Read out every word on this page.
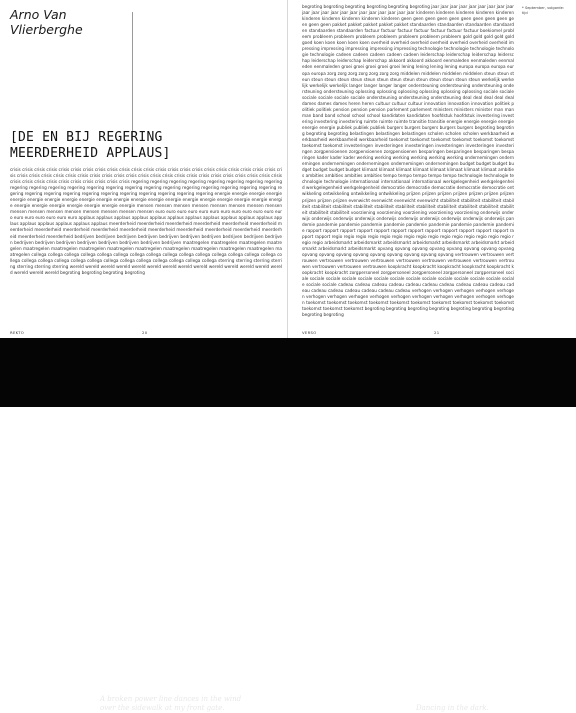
Arno Van
Vlierberghe
[DE EN BIJ REGERING
MEERDERHEID APPLAUS]
crisis crisis crisis crisis crisis crisis crisis crisis crisis crisis crisis crisis crisis crisis crisis crisis crisis crisis crisis crisis crisis crisis crisis crisis crisis crisis crisis crisis crisis crisis crisis crisis crisis crisis crisis crisis crisis crisis crisis crisis crisis crisis crisis crisis crisis crisis crisis crisis crisis crisis crisis crisis crisis crisis crisis regering regering regering regering regering regering regering regering regering regering regering regering regering regering regering regering regering regering regering regering regering regering regering regering regering regering regering regering regering regering regering regering regering energie energie energie energie energie energie energie energie energie energie energie energie energie energie energie energie energie energie energie energie energie energie energie energie energie energie energie mensen mensen mensen mensen mensen mensen mensen mensen mensen mensen mensen mensen mensen mensen mensen mensen euro euro euro euro euro euro euro euro euro euro euro euro euro euro euro euro euro euro applaus applaus applaus applaus applaus applaus applaus applaus applaus applaus applaus applaus applaus applaus applaus applaus applaus meerderheid meerderheid meerderheid meerderheid meerderheid meerderheid meerderheid meerderheid meerderheid meerderheid meerderheid meerderheid meerderheid meerderheid meerderheid meerderheid meerderheid meerderheid bedrijven bedrijven bedrijven bedrijven bedrijven bedrijven bedrijven bedrijven bedrijven bedrijven bedrijven bedrijven bedrijven bedrijven bedrijven bedrijven bedrijven bedrijven maatregelen maatregelen maatregelen maatregelen maatregelen maatregelen maatregelen maatregelen maatregelen maatregelen maatregelen maatregelen maatregelen maatregelen collega collega collega collega collega collega collega collega collega collega collega collega collega collega collega collega collega collega collega collega collega collega collega collega collega collega collega collega sterring sterring sterring sterring sterring sterring sterring wereld wereld wereld wereld wereld wereld wereld wereld wereld wereld wereld wereld wereld wereld wereld wereld wereld begroting begroting begroting begroting
REKTO	20
begroting begroting begroting begroting begroting begroting jaar jaar jaar jaar jaar jaar jaar jaar jaar jaar jaar jaar jaar jaar jaar jaar jaar jaar jaar jaar jaar kinderen kinderen kinderen kinderen kinderen kinderen kinderen kinderen kinderen kinderen geen geen geen geen geen geen geen geen geen geen geen geen pakket pakket pakket pakket pakket standaarden standaarden standaarden standaarden standaarden standaarden factuur factuur factuur factuur factuur factuur factuur boekiomel probleem probleem probleem probleem probleem probleem probleem probleem gold gold gold gold gold goed koen koen koen koen koen overheid overheid overheid overheid overheid overheid overheid impressing impressing impressing impressing impressing technologie technologie technologie technologie technologie cadeen cadeen cadeen cadeen cadeen leiderschap leiderschap leiderschap leiderschap leiderschap leiderschap leiderschap akkoord akkoord akkoord eenmaleden eenmaleden eenmaleden eenmaleden groei groei groei groei groei lening lening lening lening europa europa europa europa europa zorg zorg zorg zorg zorg zorg zorg middelen middelen middelen middelen steun steun steun steun steun steun steun steun steun steun steun steun steun steun steun steun werkelijk werkelijk werkelijk werkelijk langer langer langer langer ondersteuning ondersteuning ondersteuning ondersteuning ondersteuning oplossing oplossing oplossing oplossing oplossing oplossing sociale sociale sociale sociale sociale sociale ondersteuning ondersteuning ondersteuning deal deal deal deal deal dames dames dames heren heren cultuur cultuur cultuur innovation innovation innovation politiek politiek politiek pension pension pension parlement parlement ministers ministers minister man man man band band school school school kandidaten kandidaten hoofdstuk hoofdstuk investering investering investering investering ruimte ruimte ruimte transitie transitie energie energie energie energie energie energie publiek publiek publiek burgers burgers burgers burgers burgers begroting begroting begroting begroting belastingen belastingen belastingen scholen scholen scholen werkbaarheid werkbaarheid werkbaarheid werkbaarheid toekomst toekomst toekomst toekomst toekomst toekomst toekomst toekomst investeringen investeringen investeringen investeringen investeringen investeringen zorgpensioenen zorgpensioenen zorgpensioenen besparingen besparingen besparingen besparingen kader kader kader werking werking werking werking werking werking ondernemingen ondernemingen ondernemingen ondernemingen ondernemingen ondernemingen budget budget budget budget budget budget budget klimaat klimaat klimaat klimaat klimaat klimaat klimaat klimaat ambities ambities ambities ambities ambities tempo tempo tempo tempo tempo technologie technologie technologie technologie internationaal internationaal internationaal werkgelegenheid werkgelegenheid werkgelegenheid werkgelegenheid democratie democratie democratie democratie democratie ontwikkeling ontwikkeling ontwikkeling ontwikkeling prijzen prijzen prijzen prijzen prijzen prijzen prijzen prijzen prijzen prijzen evenwicht evenwicht evenwicht evenwicht stabiliteit stabiliteit stabiliteit stabiliteit stabiliteit stabiliteit stabiliteit stabiliteit stabiliteit stabiliteit stabiliteit stabiliteit stabiliteit stabiliteit stabiliteit stabiliteit voorziening voorziening voorziening voorziening voorziening onderwijs onderwijs onderwijs onderwijs onderwijs onderwijs onderwijs onderwijs onderwijs onderwijs onderwijs pandemie pandemie pandemie pandemie pandemie pandemie pandemie pandemie pandemie pandemie rapport rapport rapport rapport rapport rapport rapport rapport rapport rapport rapport rapport rapport rapport regio regio regio regio regio regio regio regio regio regio regio regio regio regio regio regio regio arbeidsmarkt arbeidsmarkt arbeidsmarkt arbeidsmarkt arbeidsmarkt arbeidsmarkt arbeidsmarkt arbeidsmarkt arbeidsmarkt opvang opvang opvang opvang opvang opvang opvang opvang opvang opvang opvang opvang opvang opvang opvang opvang opvang vertrouwen vertrouwen vertrouwen vertrouwen vertrouwen vertrouwen vertrouwen vertrouwen vertrouwen vertrouwen vertrouwen vertrouwen vertrouwen vertrouwen koopkracht koopkracht koopkracht koopkracht koopkracht koopkracht koopkracht zorgpersoneel zorgpersoneel zorgpersoneel zorgpersoneel zorgpersoneel sociale sociale sociale sociale sociale sociale sociale sociale sociale sociale sociale sociale sociale sociale sociale sociale cadeau cadeau cadeau cadeau cadeau cadeau cadeau cadeau cadeau cadeau cadeau cadeau cadeau cadeau cadeau cadeau cadeau verhogen verhogen verhogen verhogen verhogen verhogen verhogen verhogen verhogen verhogen verhogen verhogen verhogen verhogen verhogen toekomst toekomst toekomst toekomst toekomst toekomst toekomst toekomst toekomst toekomst toekomst toekomst toekomst begroting begroting begroting begroting begroting begroting begroting begroting begroting
* September, volgorde: tijd
VERSO	21
A broken power line dances in the wind
over the sidewalk at my front gate.	Dancing in the dark.
